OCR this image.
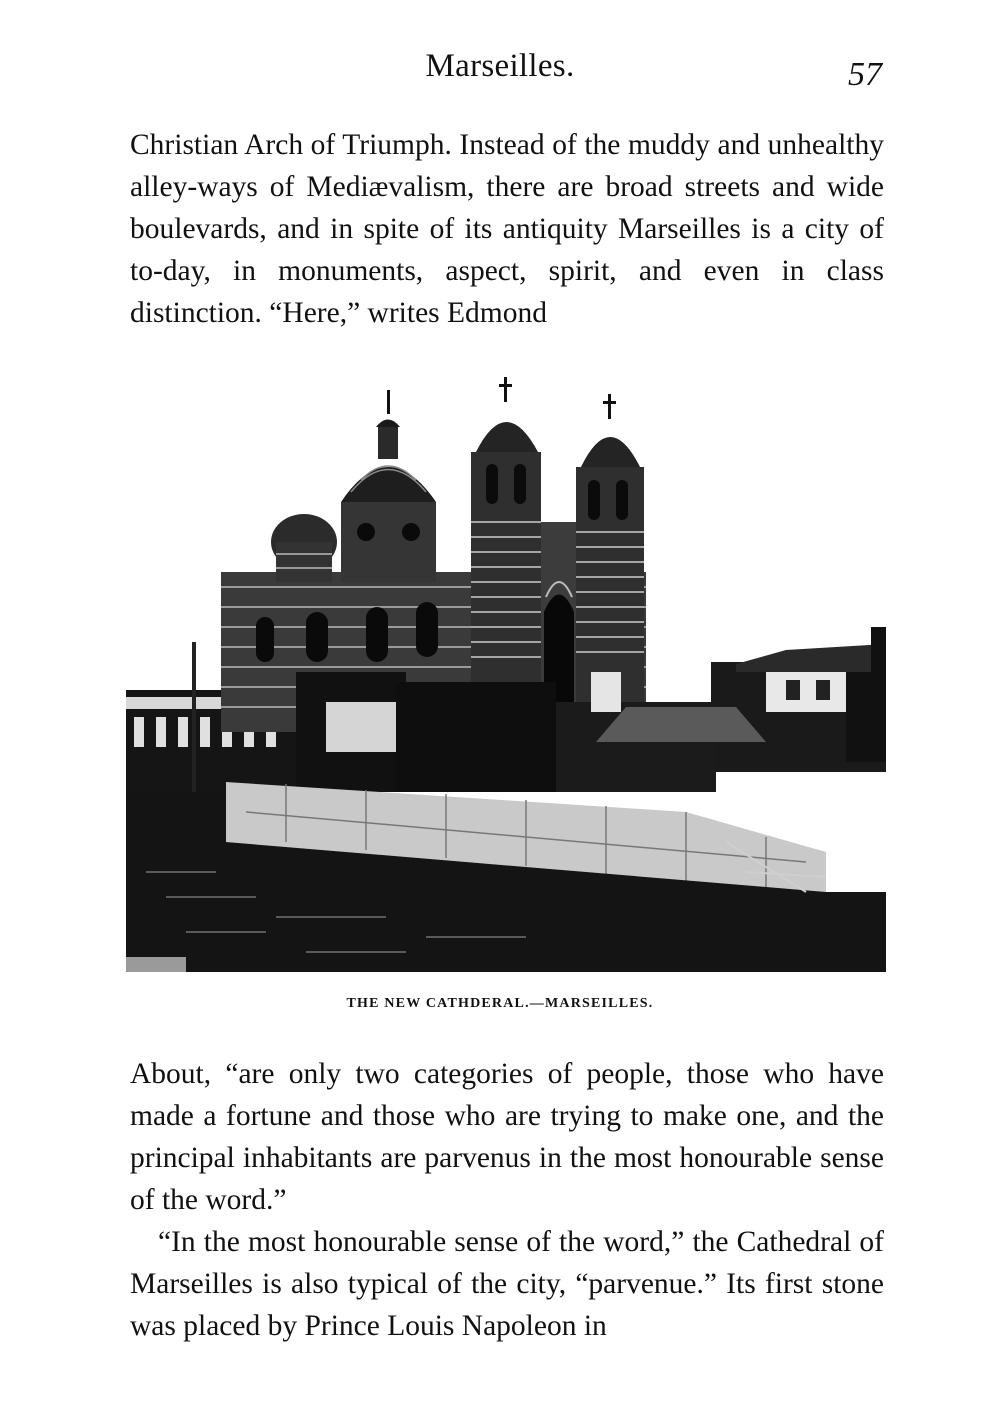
Marseilles.	57

Christian Arch of Triumph. Instead of the muddy and unhealthy alley-ways of Mediævalism, there are broad streets and wide boulevards, and in spite of its antiquity Marseilles is a city of to-day, in monuments, aspect, spirit, and even in class distinction. “Here,” writes Edmond

THE NEW CATHDERAL.—MARSEILLES.

About, “are only two categories of people, those who have made a fortune and those who are trying to make one, and the principal inhabitants are parvenus in the most honourable sense of the word.”

“In the most honourable sense of the word,” the Cathedral of Marseilles is also typical of the city, “parvenue.” Its first stone was placed by Prince Louis Napoleon in
